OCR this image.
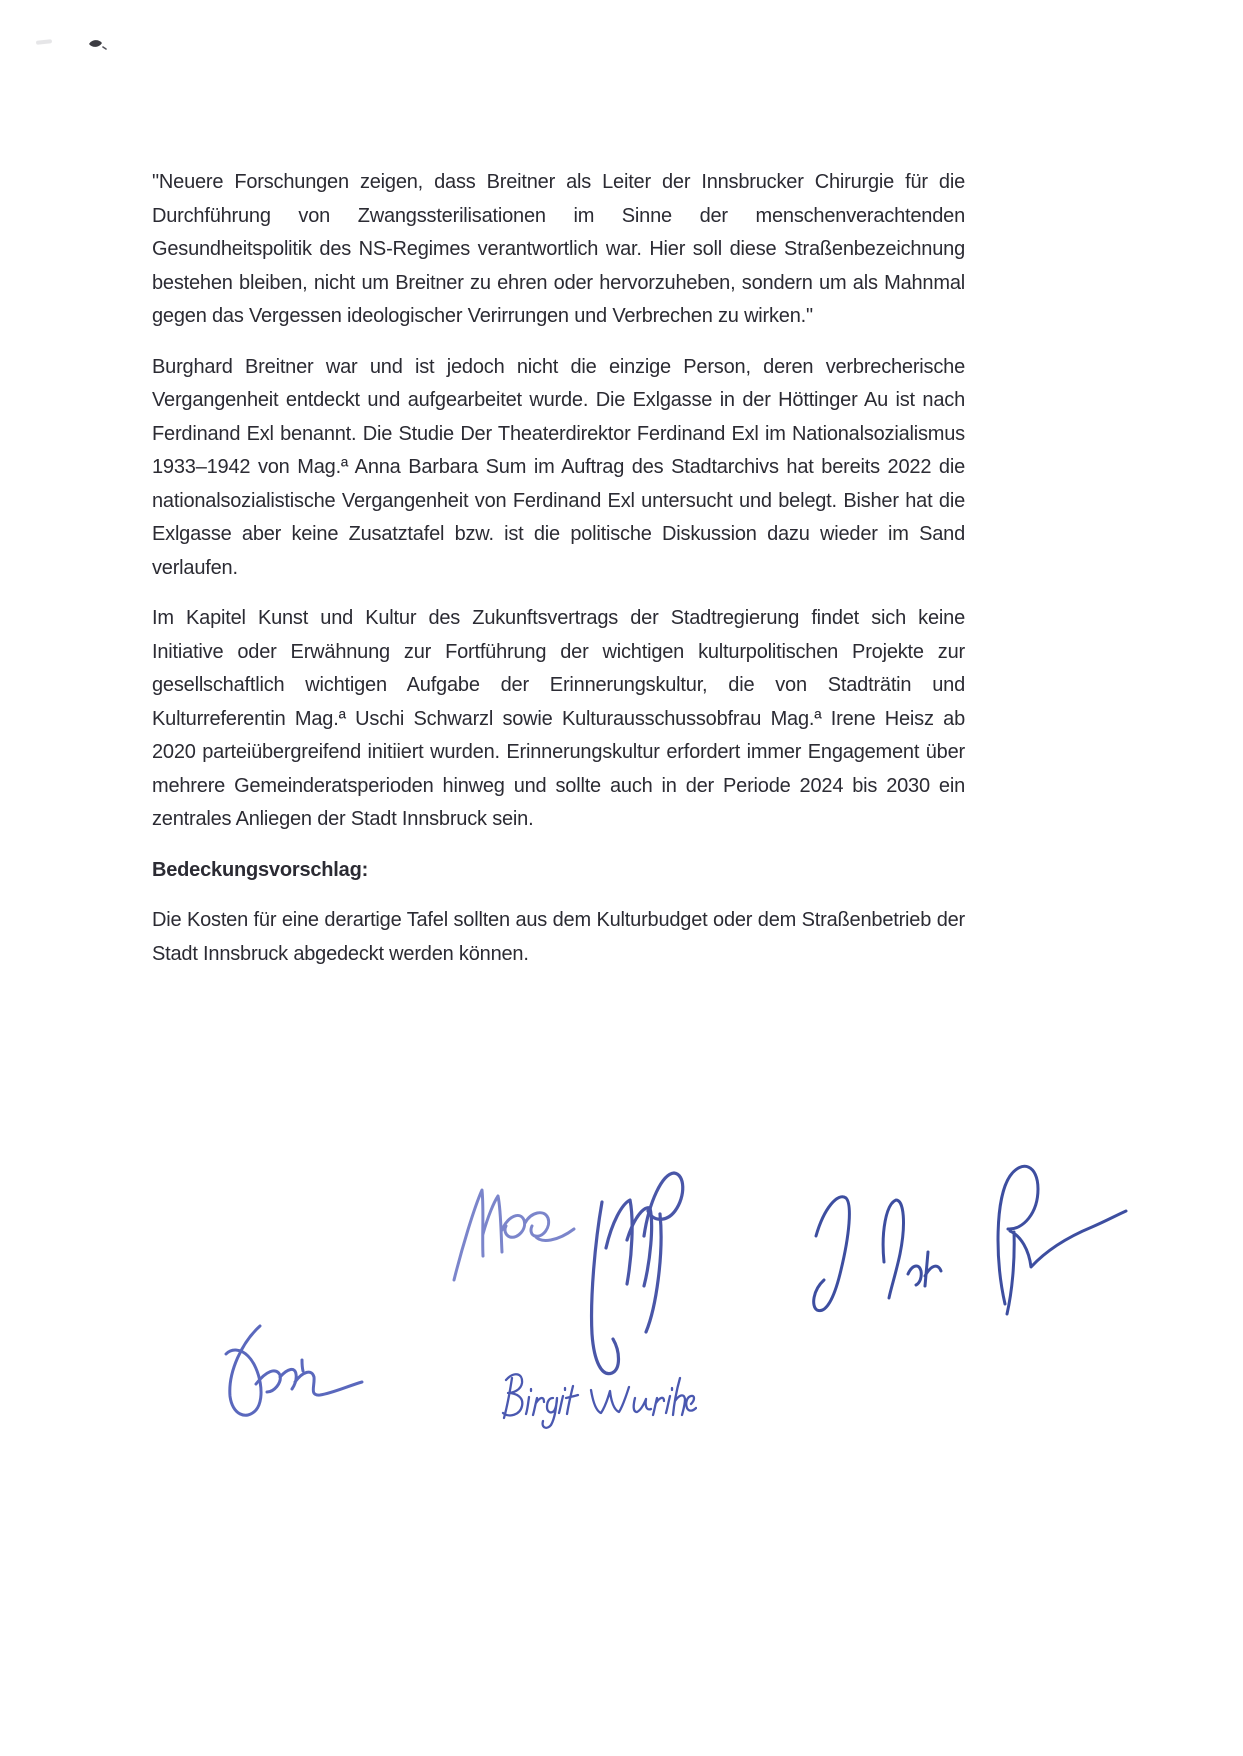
"Neuere Forschungen zeigen, dass Breitner als Leiter der Innsbrucker Chirurgie für die Durchführung von Zwangssterilisationen im Sinne der menschenverachtenden Gesundheitspolitik des NS-Regimes verantwortlich war. Hier soll diese Straßenbezeichnung bestehen bleiben, nicht um Breitner zu ehren oder hervorzuheben, sondern um als Mahnmal gegen das Vergessen ideologischer Verirrungen und Verbrechen zu wirken."

Burghard Breitner war und ist jedoch nicht die einzige Person, deren verbrecherische Vergangenheit entdeckt und aufgearbeitet wurde. Die Exlgasse in der Höttinger Au ist nach Ferdinand Exl benannt. Die Studie Der Theaterdirektor Ferdinand Exl im Nationalsozialismus 1933–1942 von Mag.ª Anna Barbara Sum im Auftrag des Stadtarchivs hat bereits 2022 die nationalsozialistische Vergangenheit von Ferdinand Exl untersucht und belegt. Bisher hat die Exlgasse aber keine Zusatztafel bzw. ist die politische Diskussion dazu wieder im Sand verlaufen.

Im Kapitel Kunst und Kultur des Zukunftsvertrags der Stadtregierung findet sich keine Initiative oder Erwähnung zur Fortführung der wichtigen kulturpolitischen Projekte zur gesellschaftlich wichtigen Aufgabe der Erinnerungskultur, die von Stadträtin und Kulturreferentin Mag.ª Uschi Schwarzl sowie Kulturausschussobfrau Mag.ª Irene Heisz ab 2020 parteiübergreifend initiiert wurden. Erinnerungskultur erfordert immer Engagement über mehrere Gemeinderatsperioden hinweg und sollte auch in der Periode 2024 bis 2030 ein zentrales Anliegen der Stadt Innsbruck sein.

Bedeckungsvorschlag:

Die Kosten für eine derartige Tafel sollten aus dem Kulturbudget oder dem Straßenbetrieb der Stadt Innsbruck abgedeckt werden können.
